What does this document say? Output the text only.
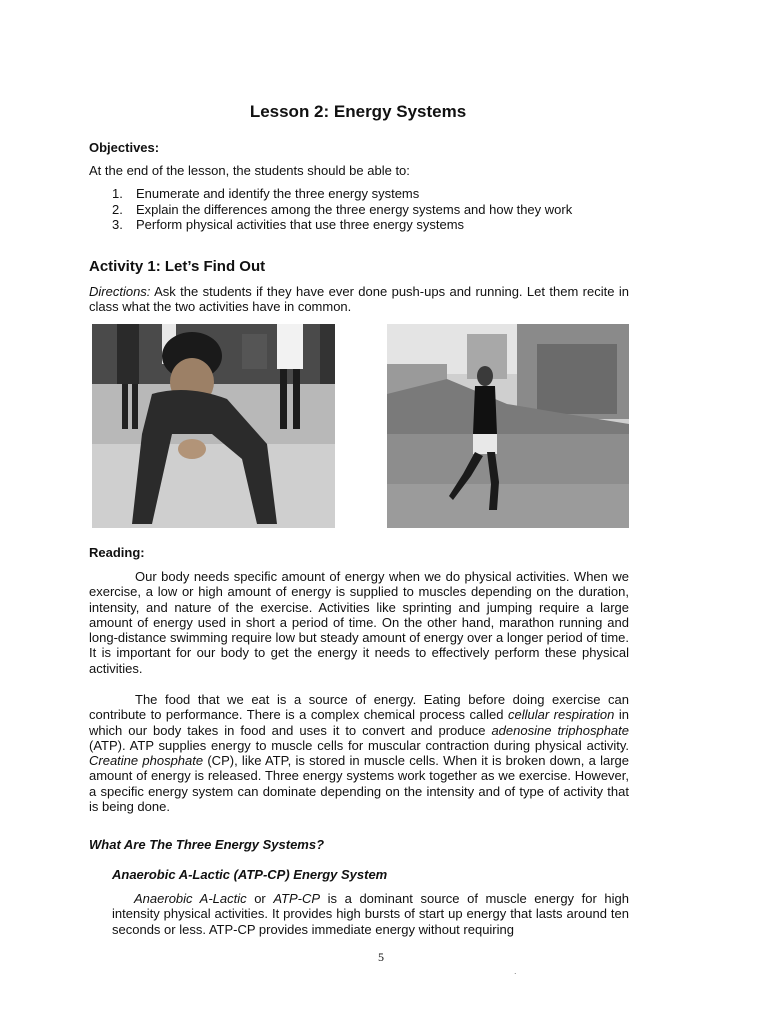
Lesson 2: Energy Systems
Objectives:
At the end of the lesson, the students should be able to:
1. Enumerate and identify the three energy systems
2. Explain the differences among the three energy systems and how they work
3. Perform physical activities that use three energy systems
Activity 1: Let’s Find Out
Directions: Ask the students if they have ever done push-ups and running. Let them recite in class what the two activities have in common.
Reading:
Our body needs specific amount of energy when we do physical activities. When we exercise, a low or high amount of energy is supplied to muscles depending on the duration, intensity, and nature of the exercise. Activities like sprinting and jumping require a large amount of energy used in short a period of time. On the other hand, marathon running and long-distance swimming require low but steady amount of energy over a longer period of time. It is important for our body to get the energy it needs to effectively perform these physical activities.
The food that we eat is a source of energy. Eating before doing exercise can contribute to performance. There is a complex chemical process called cellular respiration in which our body takes in food and uses it to convert and produce adenosine triphosphate (ATP). ATP supplies energy to muscle cells for muscular contraction during physical activity. Creatine phosphate (CP), like ATP, is stored in muscle cells. When it is broken down, a large amount of energy is released. Three energy systems work together as we exercise. However, a specific energy system can dominate depending on the intensity and of type of activity that is being done.
What Are The Three Energy Systems?
Anaerobic A-Lactic (ATP-CP) Energy System
Anaerobic A-Lactic or ATP-CP is a dominant source of muscle energy for high intensity physical activities. It provides high bursts of start up energy that lasts around ten seconds or less. ATP-CP provides immediate energy without requiring
5
.
